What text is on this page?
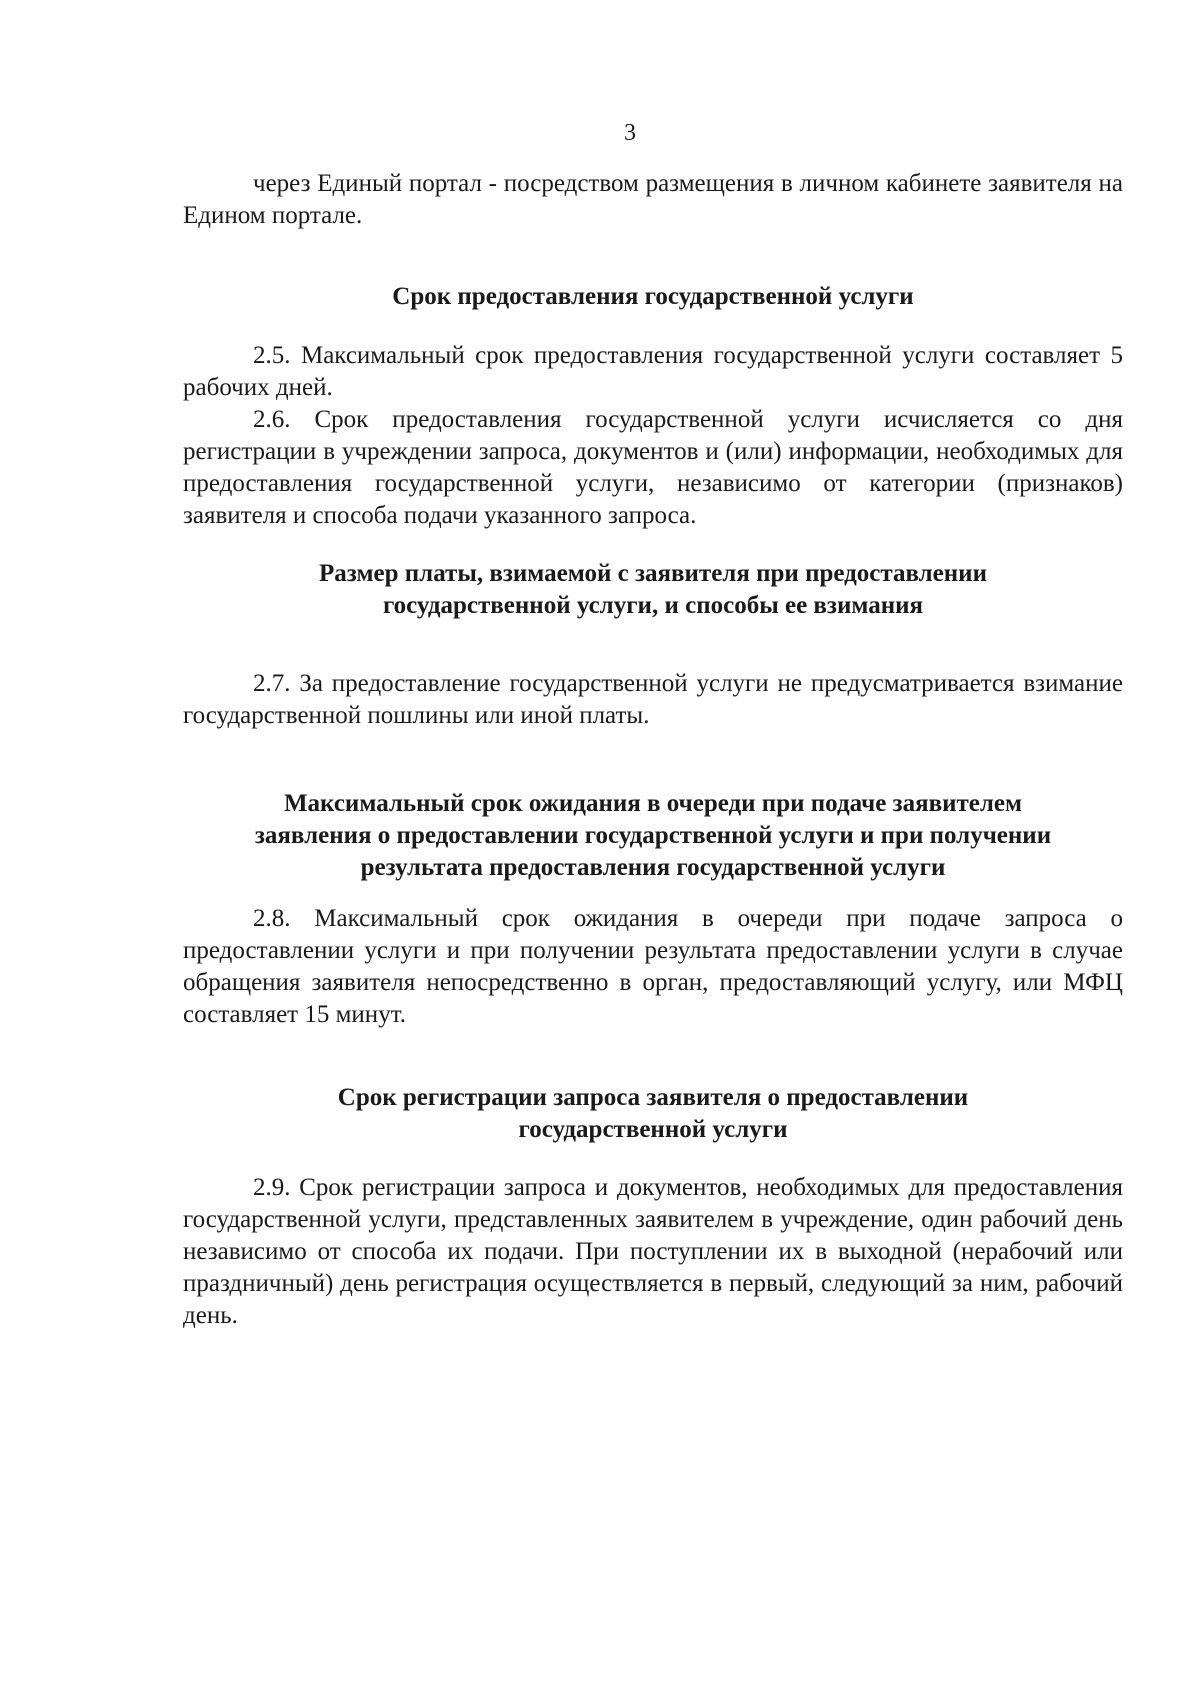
3

через Единый портал - посредством размещения в личном кабинете заявителя на Едином портале.

Срок предоставления государственной услуги

2.5. Максимальный срок предоставления государственной услуги составляет 5 рабочих дней.

2.6. Срок предоставления государственной услуги исчисляется со дня регистрации в учреждении запроса, документов и (или) информации, необходимых для предоставления государственной услуги, независимо от категории (признаков) заявителя и способа подачи указанного запроса.

Размер платы, взимаемой с заявителя при предоставлении
государственной услуги, и способы ее взимания

2.7. За предоставление государственной услуги не предусматривается взимание государственной пошлины или иной платы.

Максимальный срок ожидания в очереди при подаче заявителем
заявления о предоставлении государственной услуги и при получении
результата предоставления государственной услуги

2.8. Максимальный срок ожидания в очереди при подаче запроса о предоставлении услуги и при получении результата предоставлении услуги в случае обращения заявителя непосредственно в орган, предоставляющий услугу, или МФЦ составляет 15 минут.

Срок регистрации запроса заявителя о предоставлении
государственной услуги

2.9. Срок регистрации запроса и документов, необходимых для предоставления государственной услуги, представленных заявителем в учреждение, один рабочий день независимо от способа их подачи. При поступлении их в выходной (нерабочий или праздничный) день регистрация осуществляется в первый, следующий за ним, рабочий день.
